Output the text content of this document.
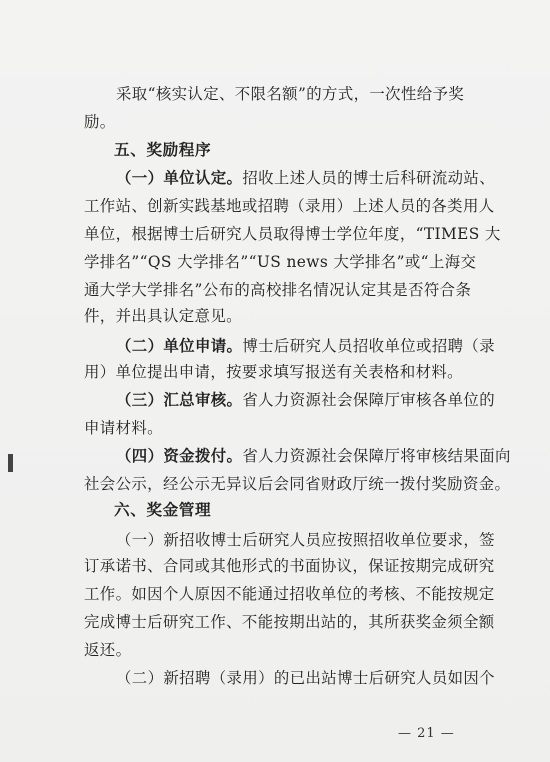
采取“核实认定、不限名额”的方式，一次性给予奖
励。
五、奖励程序
（一）单位认定。招收上述人员的博士后科研流动站、
工作站、创新实践基地或招聘（录用）上述人员的各类用人
单位，根据博士后研究人员取得博士学位年度，“TIMES 大
学排名”“QS 大学排名”“US news 大学排名”或“上海交
通大学大学排名”公布的高校排名情况认定其是否符合条
件，并出具认定意见。
（二）单位申请。博士后研究人员招收单位或招聘（录
用）单位提出申请，按要求填写报送有关表格和材料。
（三）汇总审核。省人力资源社会保障厅审核各单位的
申请材料。
（四）资金拨付。省人力资源社会保障厅将审核结果面向
社会公示，经公示无异议后会同省财政厅统一拨付奖励资金。
六、奖金管理
（一）新招收博士后研究人员应按照招收单位要求，签
订承诺书、合同或其他形式的书面协议，保证按期完成研究
工作。如因个人原因不能通过招收单位的考核、不能按规定
完成博士后研究工作、不能按期出站的，其所获奖金须全额
返还。
（二）新招聘（录用）的已出站博士后研究人员如因个
— 21 —
